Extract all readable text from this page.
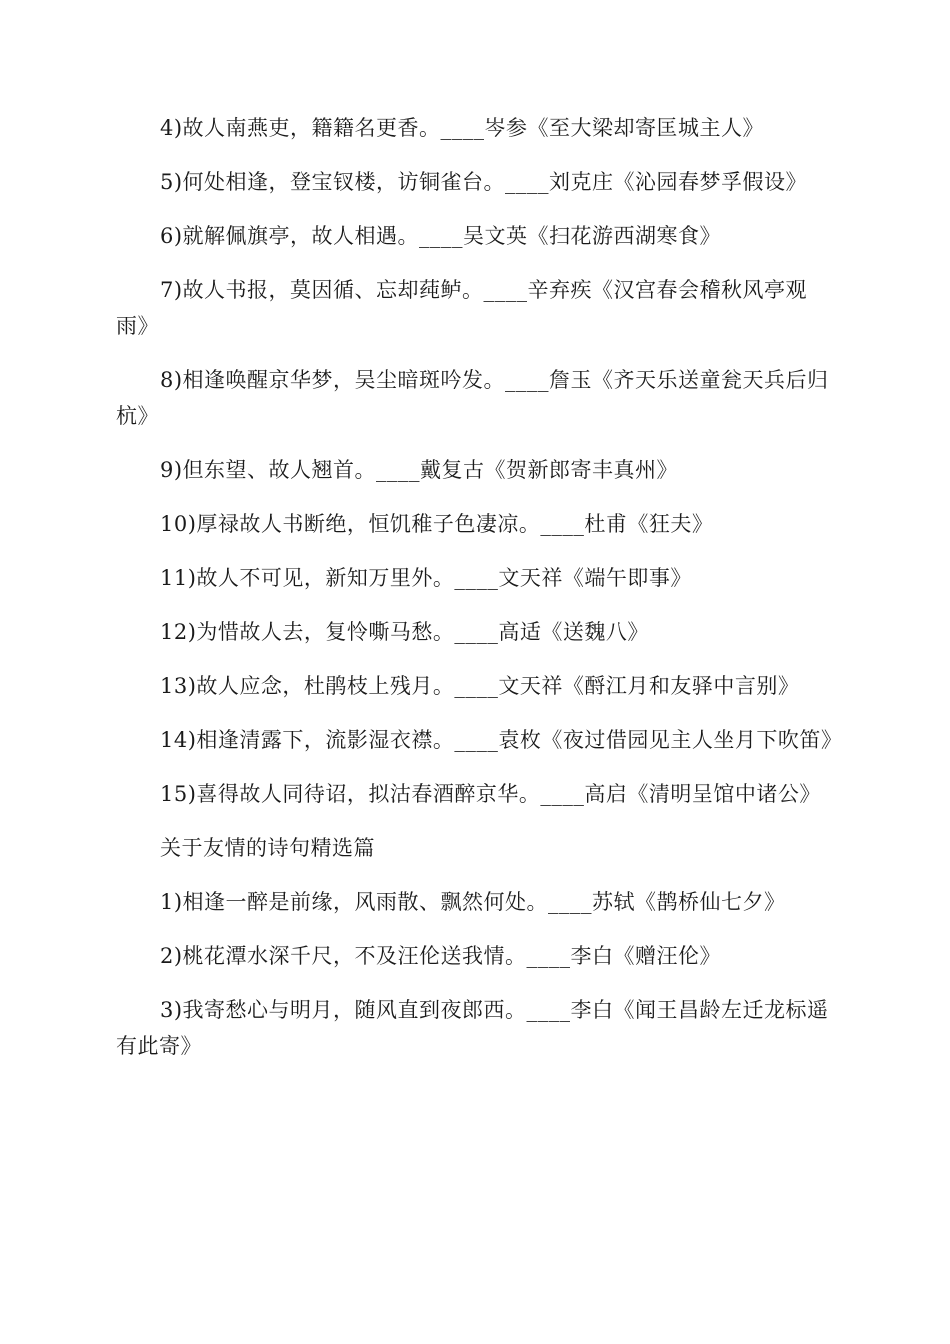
4)故人南燕吏，籍籍名更香。____岑参《至大梁却寄匡城主人》

5)何处相逢，登宝钗楼，访铜雀台。____刘克庄《沁园春梦孚假设》

6)就解佩旗亭，故人相遇。____吴文英《扫花游西湖寒食》

7)故人书报，莫因循、忘却莼鲈。____辛弃疾《汉宫春会稽秋风亭观雨》

8)相逢唤醒京华梦，吴尘暗斑吟发。____詹玉《齐天乐送童瓮天兵后归杭》

9)但东望、故人翘首。____戴复古《贺新郎寄丰真州》

10)厚禄故人书断绝，恒饥稚子色凄凉。____杜甫《狂夫》

11)故人不可见，新知万里外。____文天祥《端午即事》

12)为惜故人去，复怜嘶马愁。____高适《送魏八》

13)故人应念，杜鹃枝上残月。____文天祥《酹江月和友驿中言别》

14)相逢清露下，流影湿衣襟。____袁枚《夜过借园见主人坐月下吹笛》

15)喜得故人同待诏，拟沽春酒醉京华。____高启《清明呈馆中诸公》

关于友情的诗句精选篇

1)相逢一醉是前缘，风雨散、飘然何处。____苏轼《鹊桥仙七夕》

2)桃花潭水深千尺，不及汪伦送我情。____李白《赠汪伦》

3)我寄愁心与明月，随风直到夜郎西。____李白《闻王昌龄左迁龙标遥有此寄》
